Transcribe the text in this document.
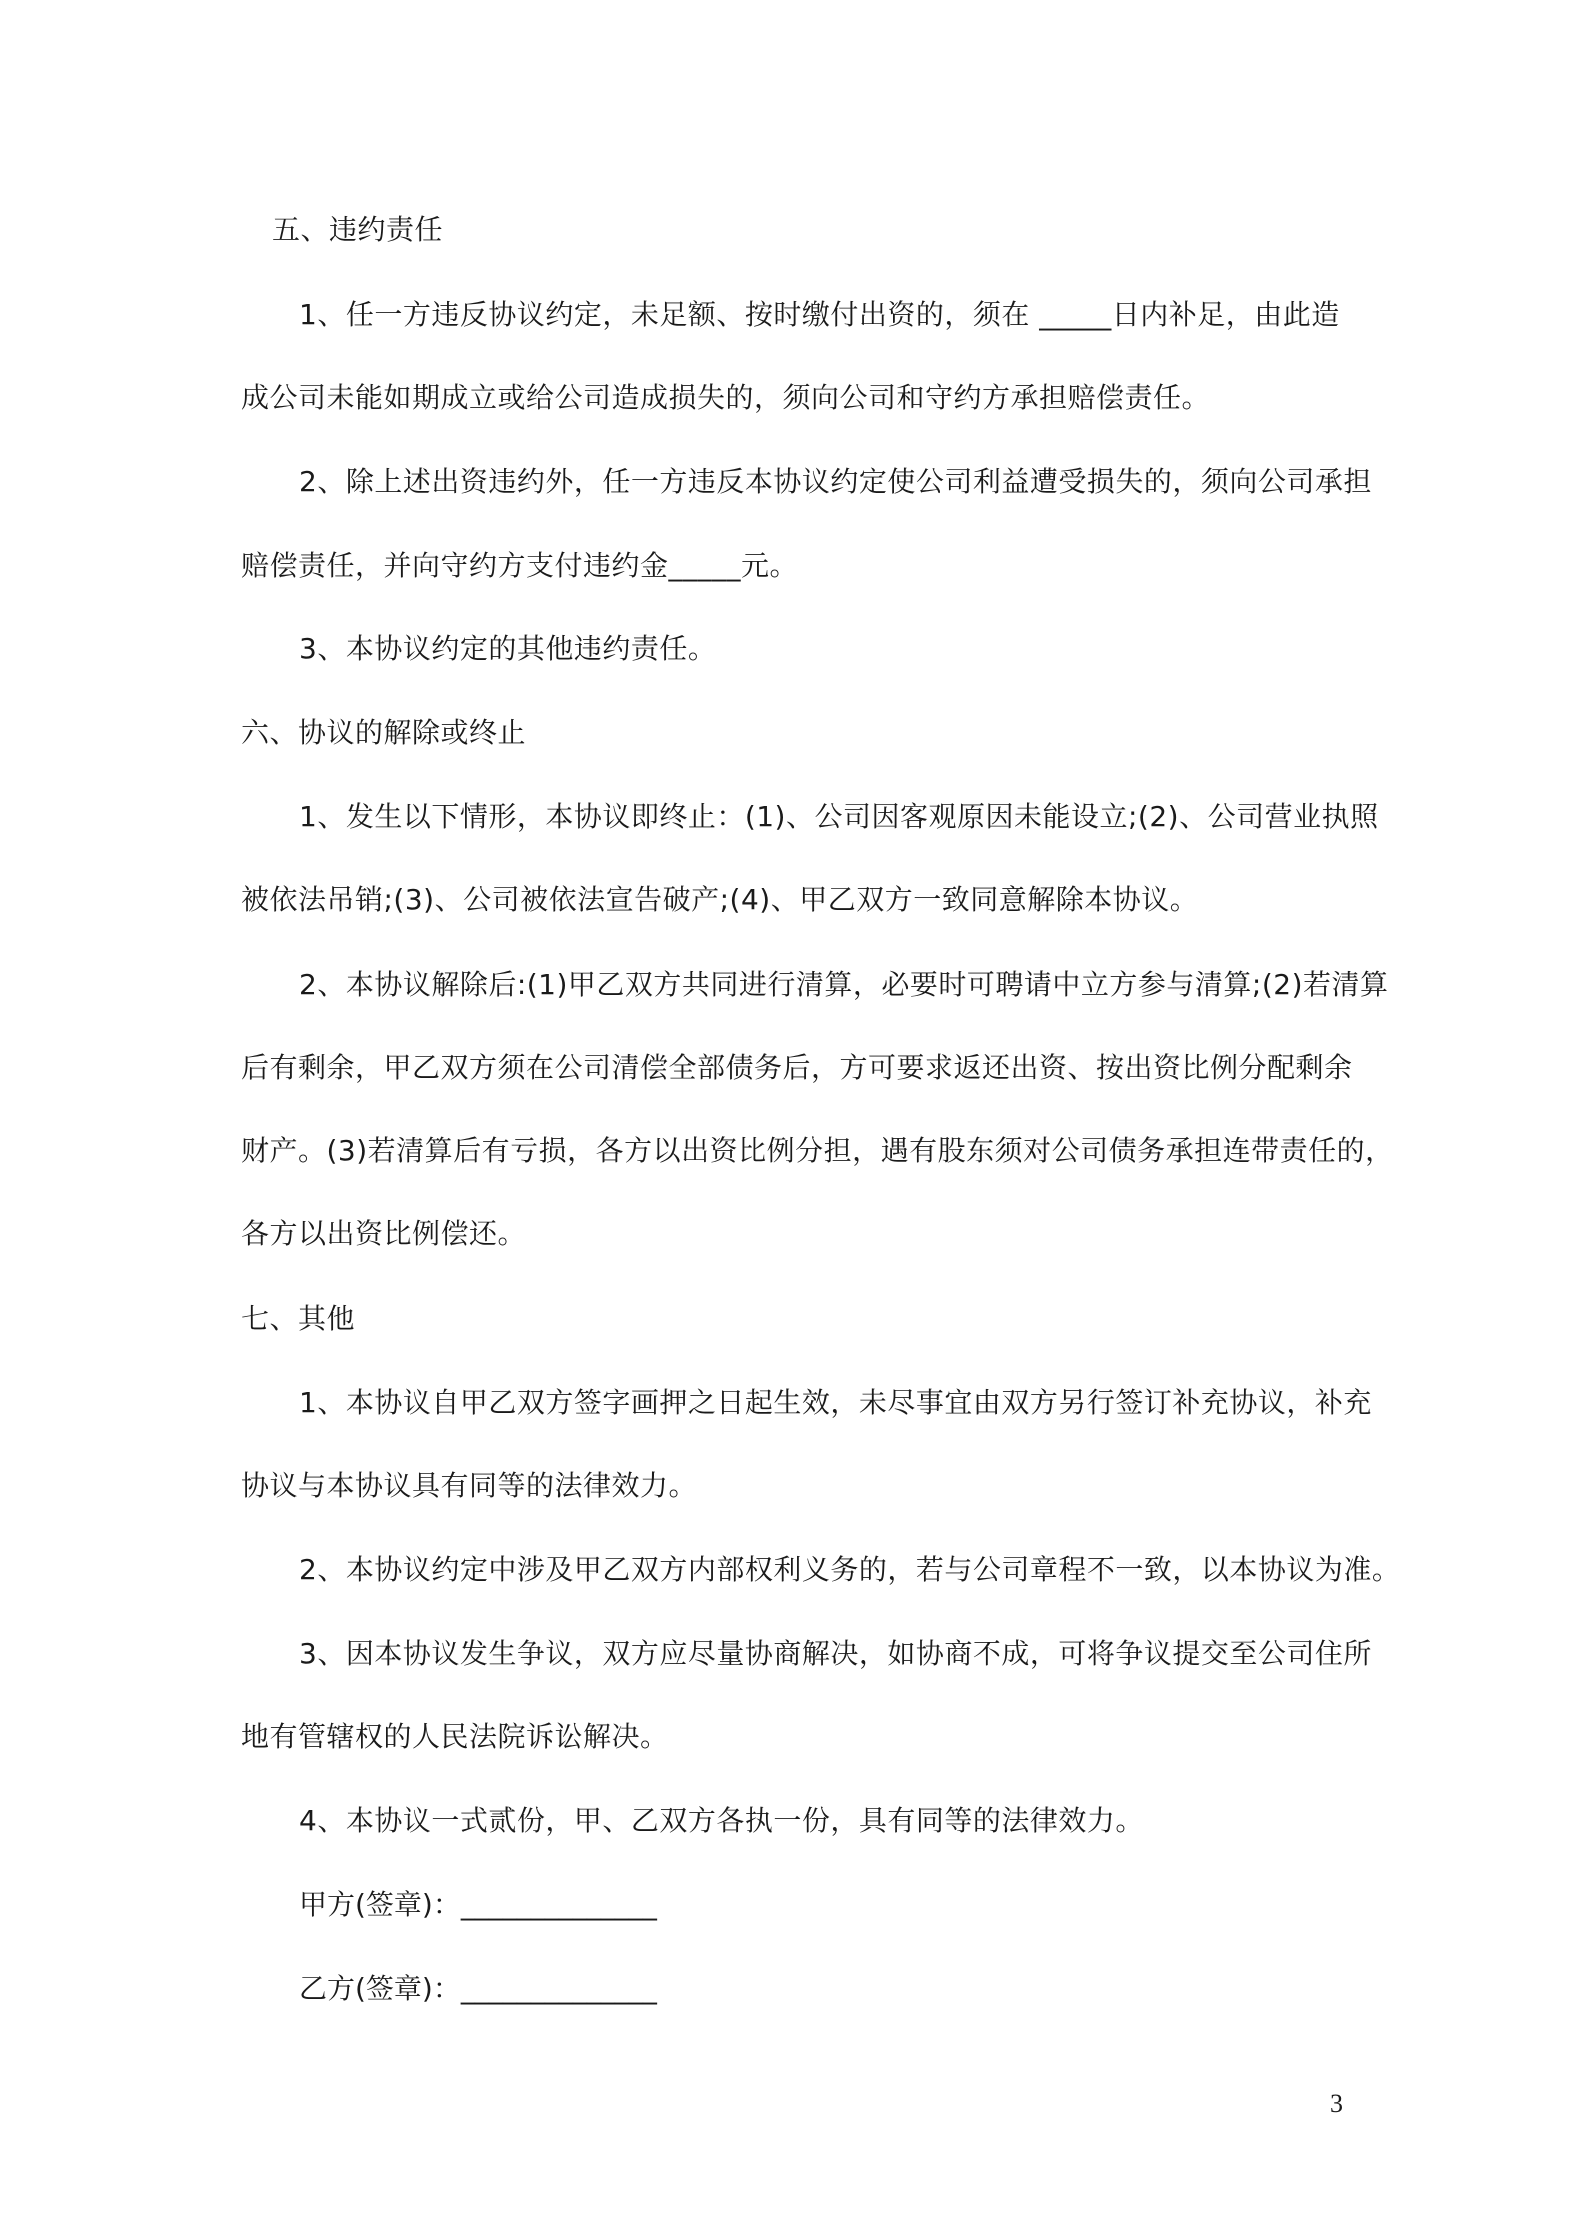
五、违约责任
1、任一方违反协议约定，未足额、按时缴付出资的，须在 _____日内补足，由此造
成公司未能如期成立或给公司造成损失的，须向公司和守约方承担赔偿责任。
2、除上述出资违约外，任一方违反本协议约定使公司利益遭受损失的，须向公司承担
赔偿责任，并向守约方支付违约金_____元。
3、本协议约定的其他违约责任。
六、协议的解除或终止
1、发生以下情形，本协议即终止：(1)、公司因客观原因未能设立;(2)、公司营业执照
被依法吊销;(3)、公司被依法宣告破产;(4)、甲乙双方一致同意解除本协议。
2、本协议解除后:(1)甲乙双方共同进行清算，必要时可聘请中立方参与清算;(2)若清算
后有剩余，甲乙双方须在公司清偿全部债务后，方可要求返还出资、按出资比例分配剩余
财产。(3)若清算后有亏损，各方以出资比例分担，遇有股东须对公司债务承担连带责任的，
各方以出资比例偿还。
七、其他
1、本协议自甲乙双方签字画押之日起生效，未尽事宜由双方另行签订补充协议，补充
协议与本协议具有同等的法律效力。
2、本协议约定中涉及甲乙双方内部权利义务的，若与公司章程不一致，以本协议为准。
3、因本协议发生争议，双方应尽量协商解决，如协商不成，可将争议提交至公司住所
地有管辖权的人民法院诉讼解决。
4、本协议一式贰份，甲、乙双方各执一份，具有同等的法律效力。
甲方(签章)：______________
乙方(签章)：______________
3
